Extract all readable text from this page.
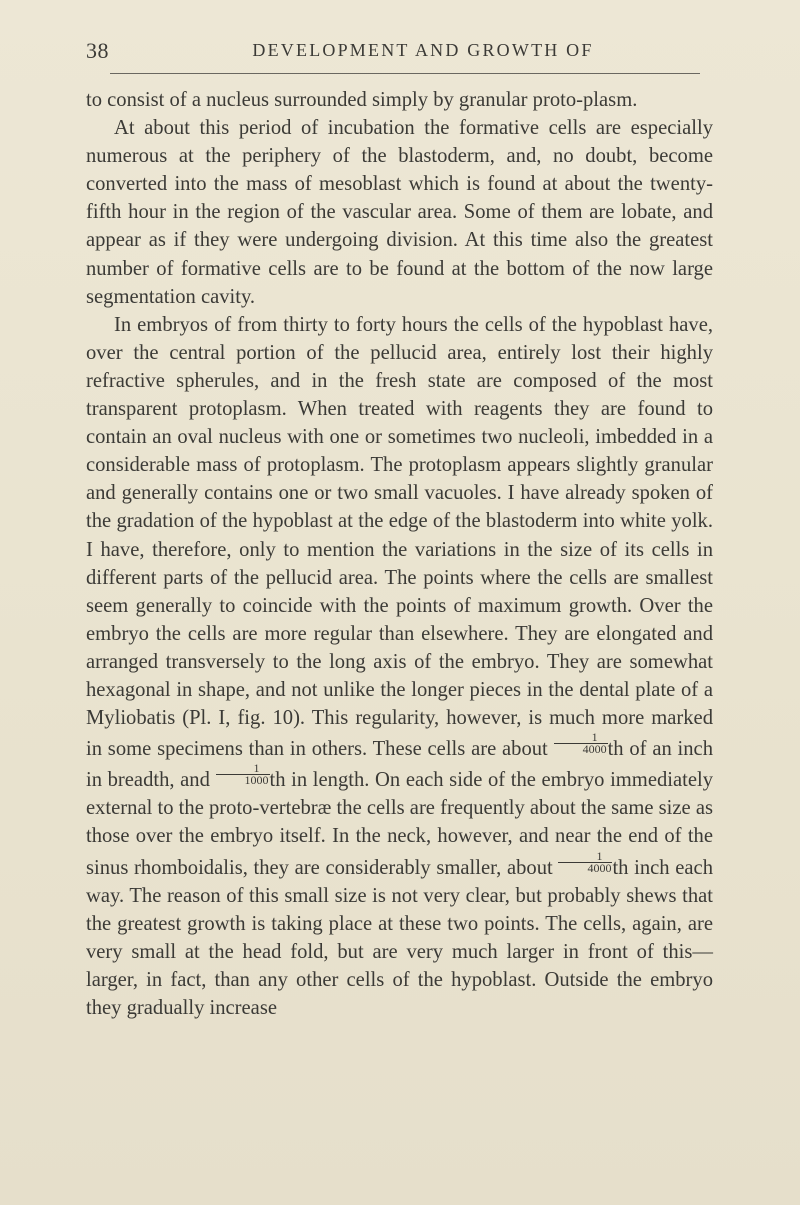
38	DEVELOPMENT AND GROWTH OF

to consist of a nucleus surrounded simply by granular proto-plasm.

At about this period of incubation the formative cells are especially numerous at the periphery of the blastoderm, and, no doubt, become converted into the mass of mesoblast which is found at about the twenty-fifth hour in the region of the vascular area. Some of them are lobate, and appear as if they were undergoing division. At this time also the greatest number of formative cells are to be found at the bottom of the now large segmentation cavity.

In embryos of from thirty to forty hours the cells of the hypoblast have, over the central portion of the pellucid area, entirely lost their highly refractive spherules, and in the fresh state are composed of the most transparent protoplasm. When treated with reagents they are found to contain an oval nucleus with one or sometimes two nucleoli, imbedded in a considerable mass of protoplasm. The protoplasm appears slightly granular and generally contains one or two small vacuoles. I have already spoken of the gradation of the hypoblast at the edge of the blastoderm into white yolk. I have, therefore, only to mention the variations in the size of its cells in different parts of the pellucid area. The points where the cells are smallest seem generally to coincide with the points of maximum growth. Over the embryo the cells are more regular than elsewhere. They are elongated and arranged transversely to the long axis of the embryo. They are somewhat hexagonal in shape, and not unlike the longer pieces in the dental plate of a Myliobatis (Pl. I, fig. 10). This regularity, however, is much more marked in some specimens than in others. These cells are about $\frac{1}{4000}$ th of an inch in breadth, and $\frac{1}{1000}$ th in length. On each side of the embryo immediately external to the proto-vertebræ the cells are frequently about the same size as those over the embryo itself. In the neck, however, and near the end of the sinus rhomboidalis, they are considerably smaller, about $\frac{1}{4000}$ th inch each way. The reason of this small size is not very clear, but probably shews that the greatest growth is taking place at these two points. The cells, again, are very small at the head fold, but are very much larger in front of this—larger, in fact, than any other cells of the hypoblast. Outside the embryo they gradually increase
